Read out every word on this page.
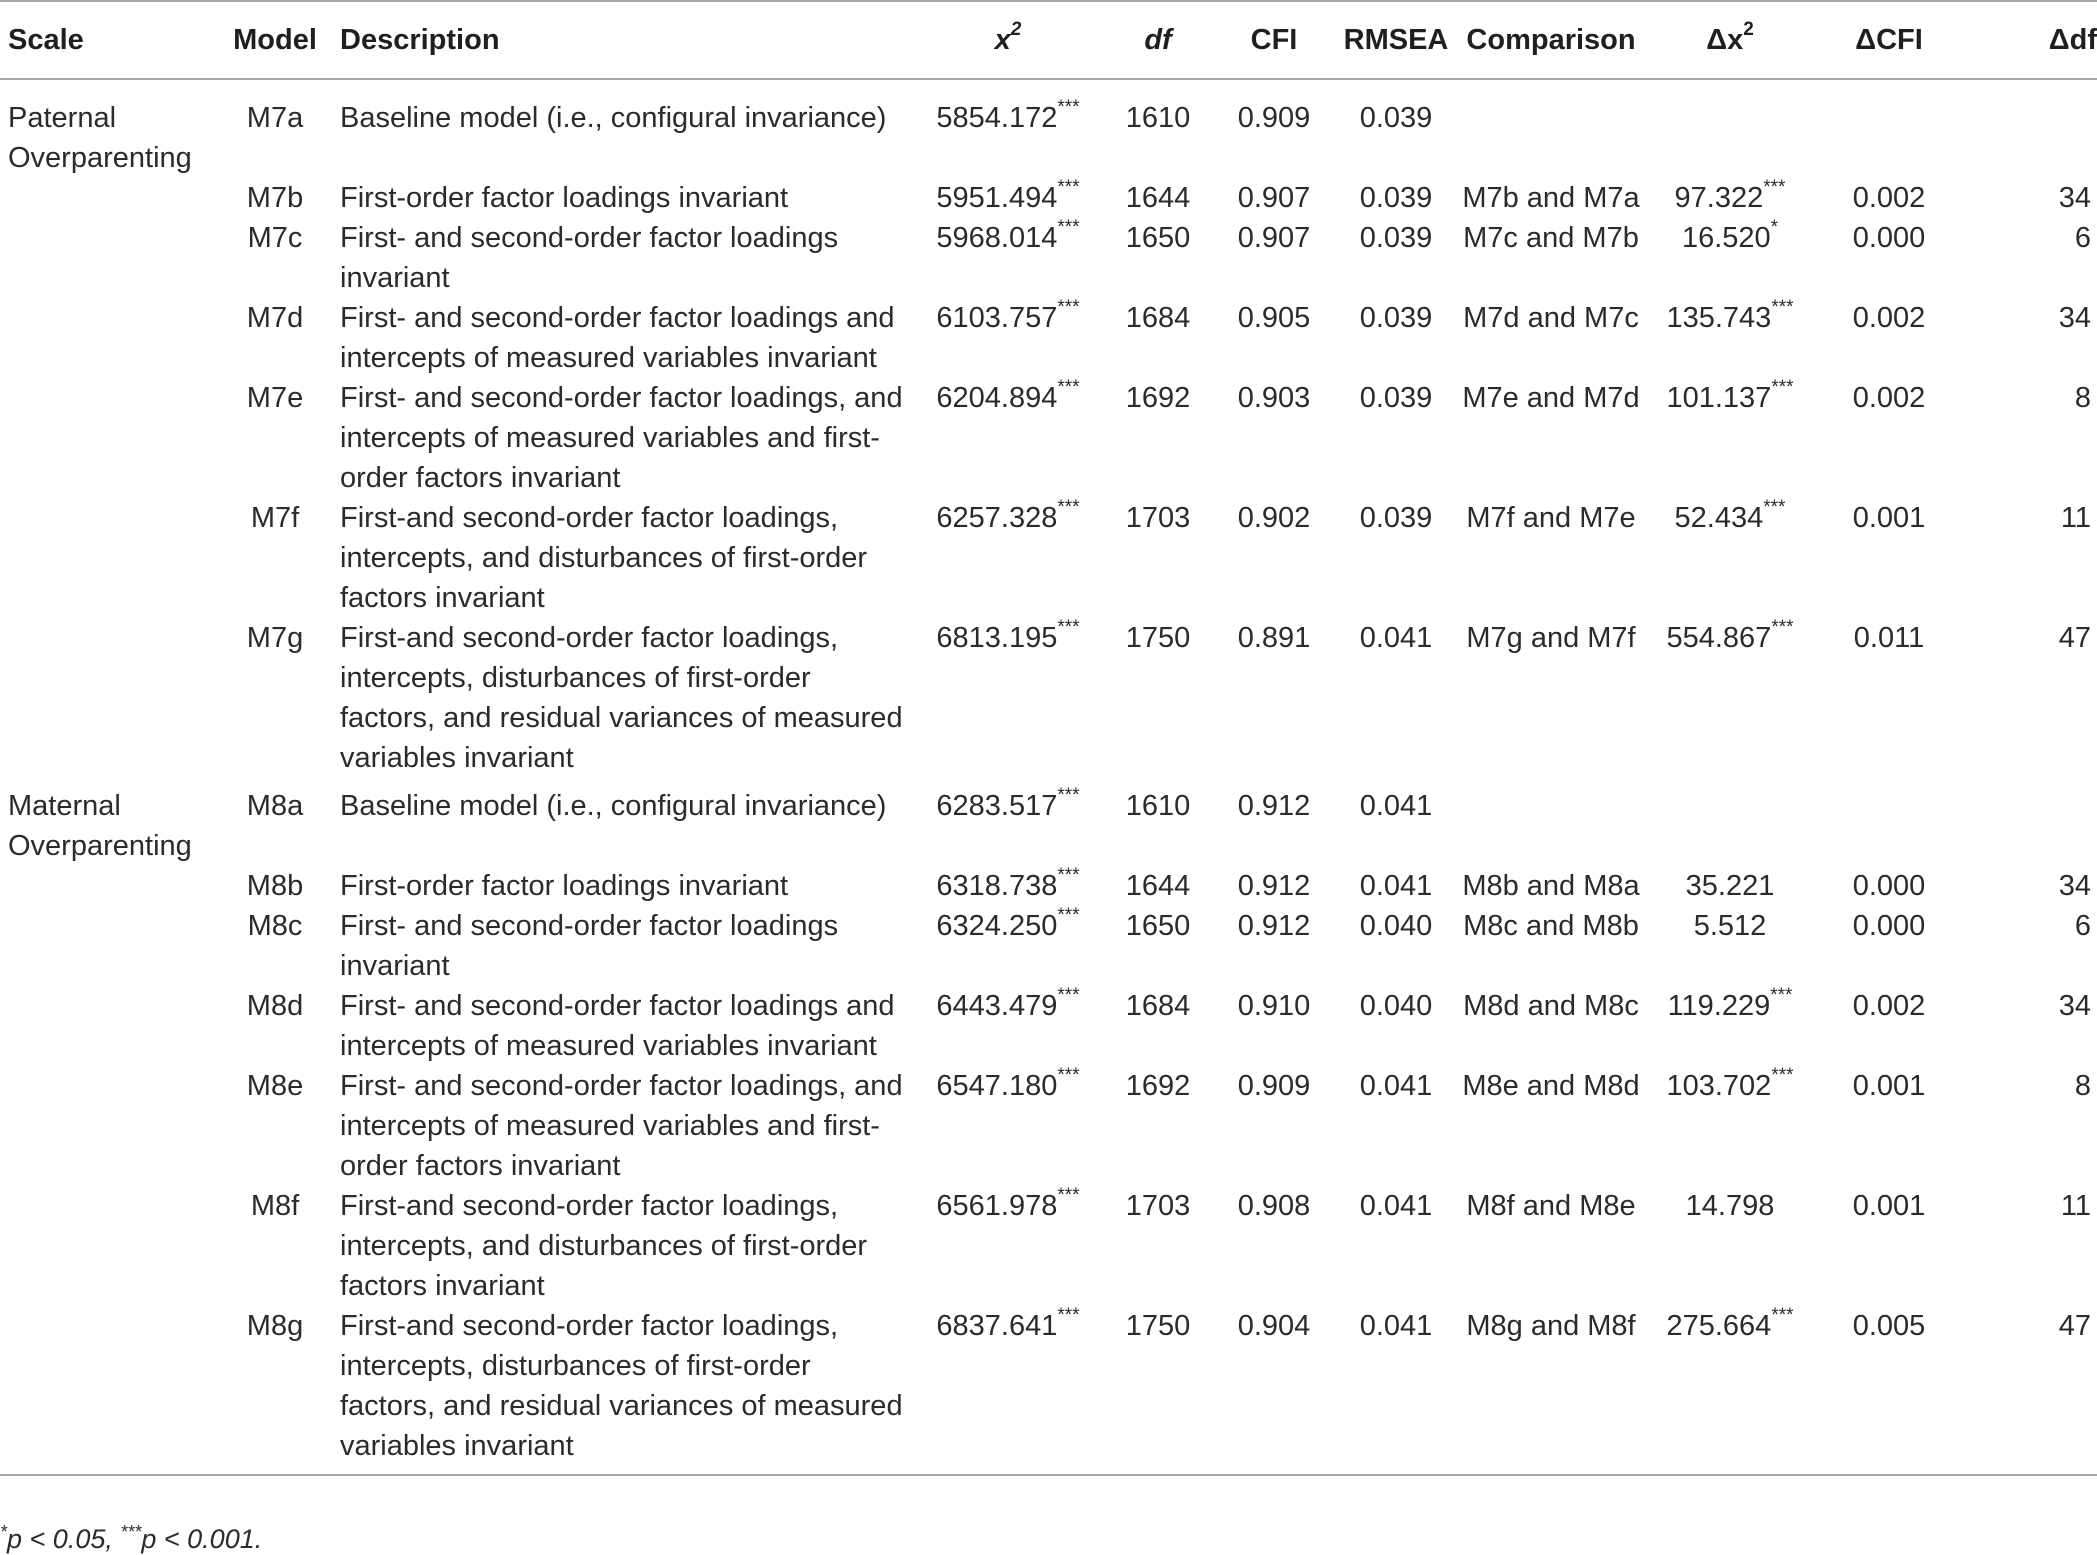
Scale	Model	Description	$x^2$	df	CFI	RMSEA	Comparison	$\Delta x^2$	ΔCFI	Δdf
Paternal Overparenting	M7a	Baseline model (i.e., configural invariance)	5854.172***	1610	0.909	0.039				
	M7b	First-order factor loadings invariant	5951.494***	1644	0.907	0.039	M7b and M7a	97.322***	0.002	34
	M7c	First- and second-order factor loadings invariant	5968.014***	1650	0.907	0.039	M7c and M7b	16.520*	0.000	6
	M7d	First- and second-order factor loadings and intercepts of measured variables invariant	6103.757***	1684	0.905	0.039	M7d and M7c	135.743***	0.002	34
	M7e	First- and second-order factor loadings, and intercepts of measured variables and first-order factors invariant	6204.894***	1692	0.903	0.039	M7e and M7d	101.137***	0.002	8
	M7f	First-and second-order factor loadings, intercepts, and disturbances of first-order factors invariant	6257.328***	1703	0.902	0.039	M7f and M7e	52.434***	0.001	11
	M7g	First-and second-order factor loadings, intercepts, disturbances of first-order factors, and residual variances of measured variables invariant	6813.195***	1750	0.891	0.041	M7g and M7f	554.867***	0.011	47
Maternal Overparenting	M8a	Baseline model (i.e., configural invariance)	6283.517***	1610	0.912	0.041				
	M8b	First-order factor loadings invariant	6318.738***	1644	0.912	0.041	M8b and M8a	35.221	0.000	34
	M8c	First- and second-order factor loadings invariant	6324.250***	1650	0.912	0.040	M8c and M8b	5.512	0.000	6
	M8d	First- and second-order factor loadings and intercepts of measured variables invariant	6443.479***	1684	0.910	0.040	M8d and M8c	119.229***	0.002	34
	M8e	First- and second-order factor loadings, and intercepts of measured variables and first-order factors invariant	6547.180***	1692	0.909	0.041	M8e and M8d	103.702***	0.001	8
	M8f	First-and second-order factor loadings, intercepts, and disturbances of first-order factors invariant	6561.978***	1703	0.908	0.041	M8f and M8e	14.798	0.001	11
	M8g	First-and second-order factor loadings, intercepts, disturbances of first-order factors, and residual variances of measured variables invariant	6837.641***	1750	0.904	0.041	M8g and M8f	275.664***	0.005	47
*p < 0.05, ***p < 0.001.
